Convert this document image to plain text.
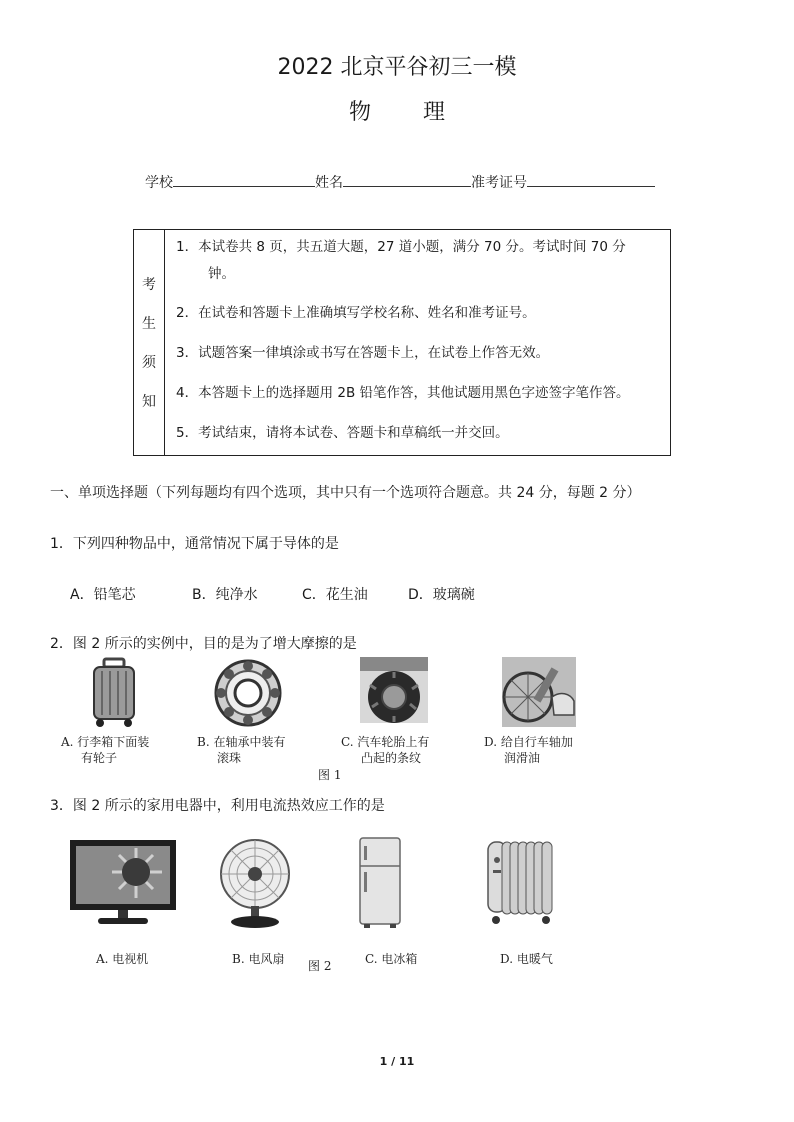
2022 北京平谷初三一模
物理
学校	姓名	准考证号
考
生
须
知
1．本试卷共 8 页，共五道大题，27 道小题，满分 70 分。考试时间 70 分
钟。
2．在试卷和答题卡上准确填写学校名称、姓名和准考证号。
3．试题答案一律填涂或书写在答题卡上，在试卷上作答无效。
4．本答题卡上的选择题用 2B 铅笔作答，其他试题用黑色字迹签字笔作答。
5．考试结束，请将本试卷、答题卡和草稿纸一并交回。
一、单项选择题（下列每题均有四个选项，其中只有一个选项符合题意。共 24 分，每题 2 分）
1．下列四种物品中，通常情况下属于导体的是
A．铅笔芯	B．纯净水	C．花生油	D．玻璃碗
2．图 2 所示的实例中，目的是为了增大摩擦的是
A. 行李箱下面装
有轮子
B. 在轴承中装有
滚珠
C. 汽车轮胎上有
凸起的条纹
D. 给自行车轴加
润滑油
图 1
3．图 2 所示的家用电器中，利用电流热效应工作的是
A. 电视机	B. 电风扇	C. 电冰箱	D. 电暖气
图 2
1 / 11
